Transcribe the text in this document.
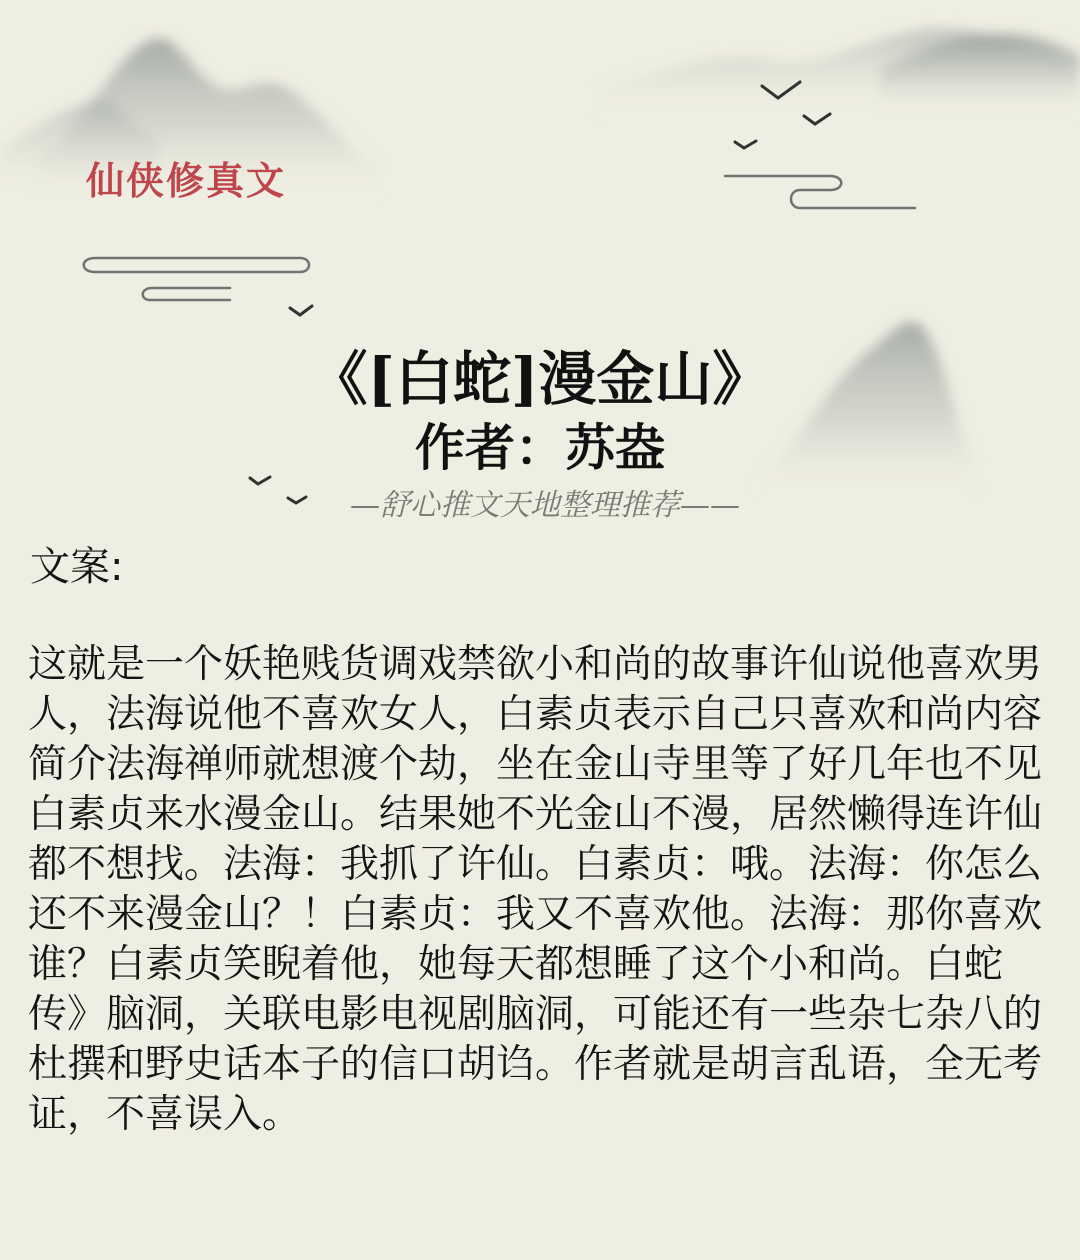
仙侠修真文
《[白蛇]漫金山》
作者：苏盎
—舒心推文天地整理推荐——
文案:

这就是一个妖艳贱货调戏禁欲小和尚的故事许仙说他喜欢男人，法海说他不喜欢女人，白素贞表示自己只喜欢和尚内容简介法海禅师就想渡个劫，坐在金山寺里等了好几年也不见白素贞来水漫金山。结果她不光金山不漫，居然懒得连许仙都不想找。法海：我抓了许仙。白素贞：哦。法海：你怎么还不来漫金山？！白素贞：我又不喜欢他。法海：那你喜欢谁？白素贞笑睨着他，她每天都想睡了这个小和尚。白蛇传》脑洞，关联电影电视剧脑洞，可能还有一些杂七杂八的杜撰和野史话本子的信口胡诌。作者就是胡言乱语，全无考证，不喜误入。
